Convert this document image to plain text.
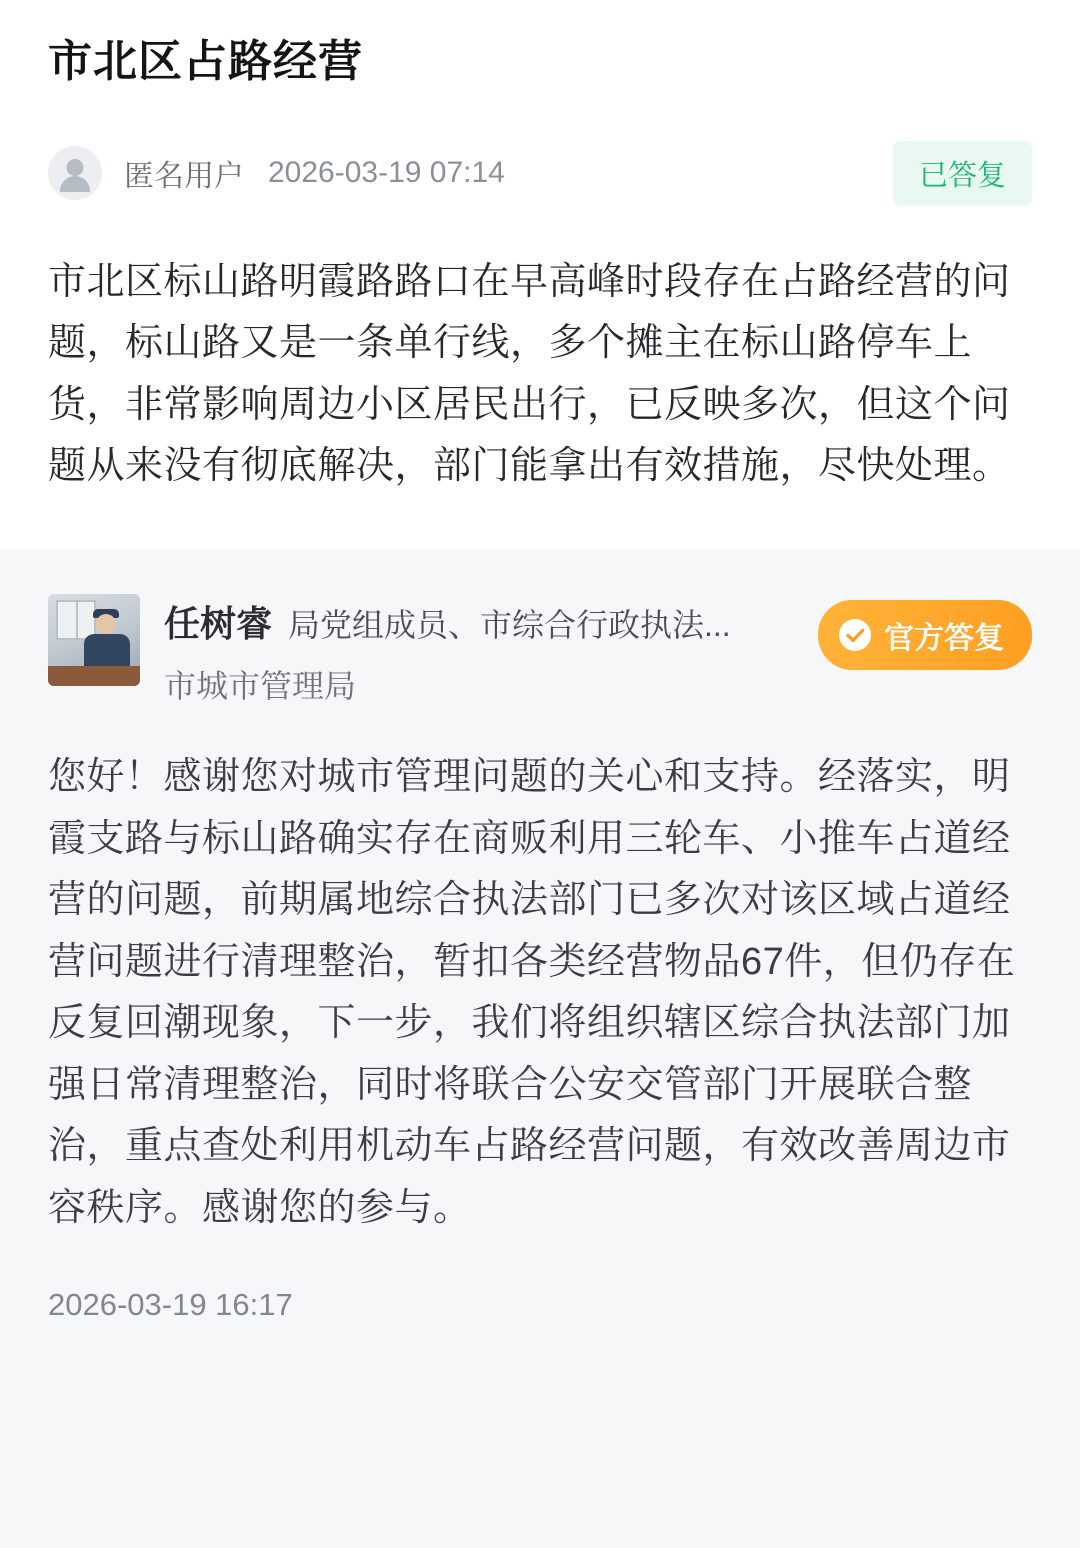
市北区占路经营
匿名用户 2026-03-19 07:14	已答复
市北区标山路明霞路路口在早高峰时段存在占路经营的问题，标山路又是一条单行线，多个摊主在标山路停车上货，非常影响周边小区居民出行，已反映多次，但这个问题从来没有彻底解决，部门能拿出有效措施，尽快处理。
任树睿 局党组成员、市综合行政执法...
市城市管理局
官方答复
您好！感谢您对城市管理问题的关心和支持。经落实，明霞支路与标山路确实存在商贩利用三轮车、小推车占道经营的问题，前期属地综合执法部门已多次对该区域占道经营问题进行清理整治，暂扣各类经营物品67件，但仍存在反复回潮现象，下一步，我们将组织辖区综合执法部门加强日常清理整治，同时将联合公安交管部门开展联合整治，重点查处利用机动车占路经营问题，有效改善周边市容秩序。感谢您的参与。
2026-03-19 16:17
